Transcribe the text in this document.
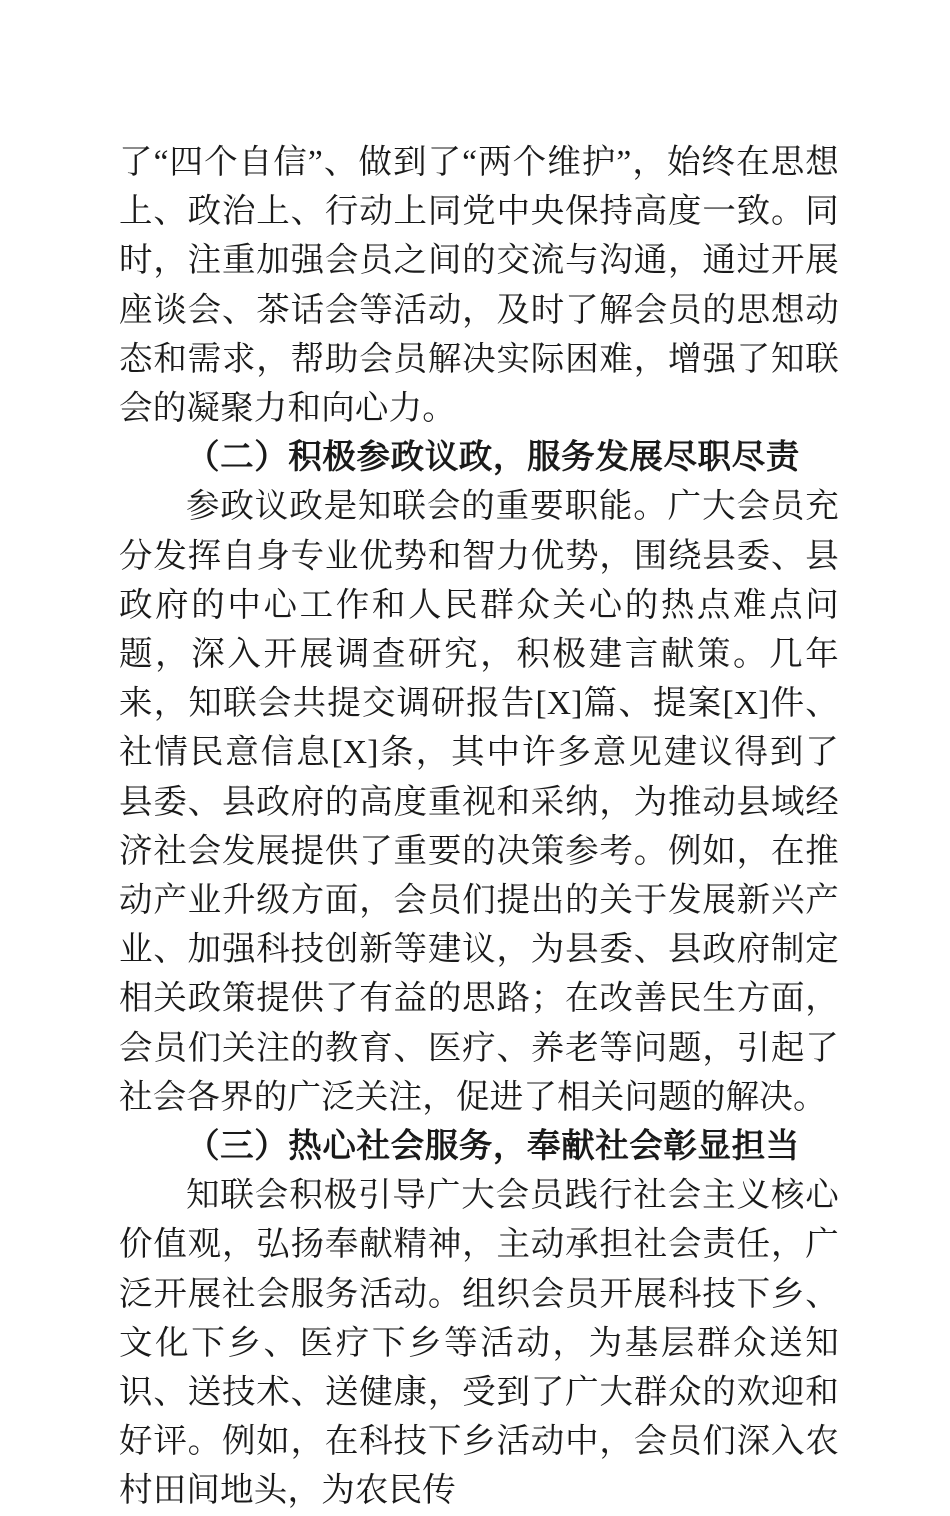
了“四个自信”、做到了“两个维护”，始终在思想上、政治上、行动上同党中央保持高度一致。同时，注重加强会员之间的交流与沟通，通过开展座谈会、茶话会等活动，及时了解会员的思想动态和需求，帮助会员解决实际困难，增强了知联会的凝聚力和向心力。

（二）积极参政议政，服务发展尽职尽责

参政议政是知联会的重要职能。广大会员充分发挥自身专业优势和智力优势，围绕县委、县政府的中心工作和人民群众关心的热点难点问题，深入开展调查研究，积极建言献策。几年来，知联会共提交调研报告[X]篇、提案[X]件、社情民意信息[X]条，其中许多意见建议得到了县委、县政府的高度重视和采纳，为推动县域经济社会发展提供了重要的决策参考。例如，在推动产业升级方面，会员们提出的关于发展新兴产业、加强科技创新等建议，为县委、县政府制定相关政策提供了有益的思路；在改善民生方面，会员们关注的教育、医疗、养老等问题，引起了社会各界的广泛关注，促进了相关问题的解决。

（三）热心社会服务，奉献社会彰显担当

知联会积极引导广大会员践行社会主义核心价值观，弘扬奉献精神，主动承担社会责任，广泛开展社会服务活动。组织会员开展科技下乡、文化下乡、医疗下乡等活动，为基层群众送知识、送技术、送健康，受到了广大群众的欢迎和好评。例如，在科技下乡活动中，会员们深入农村田间地头，为农民传
